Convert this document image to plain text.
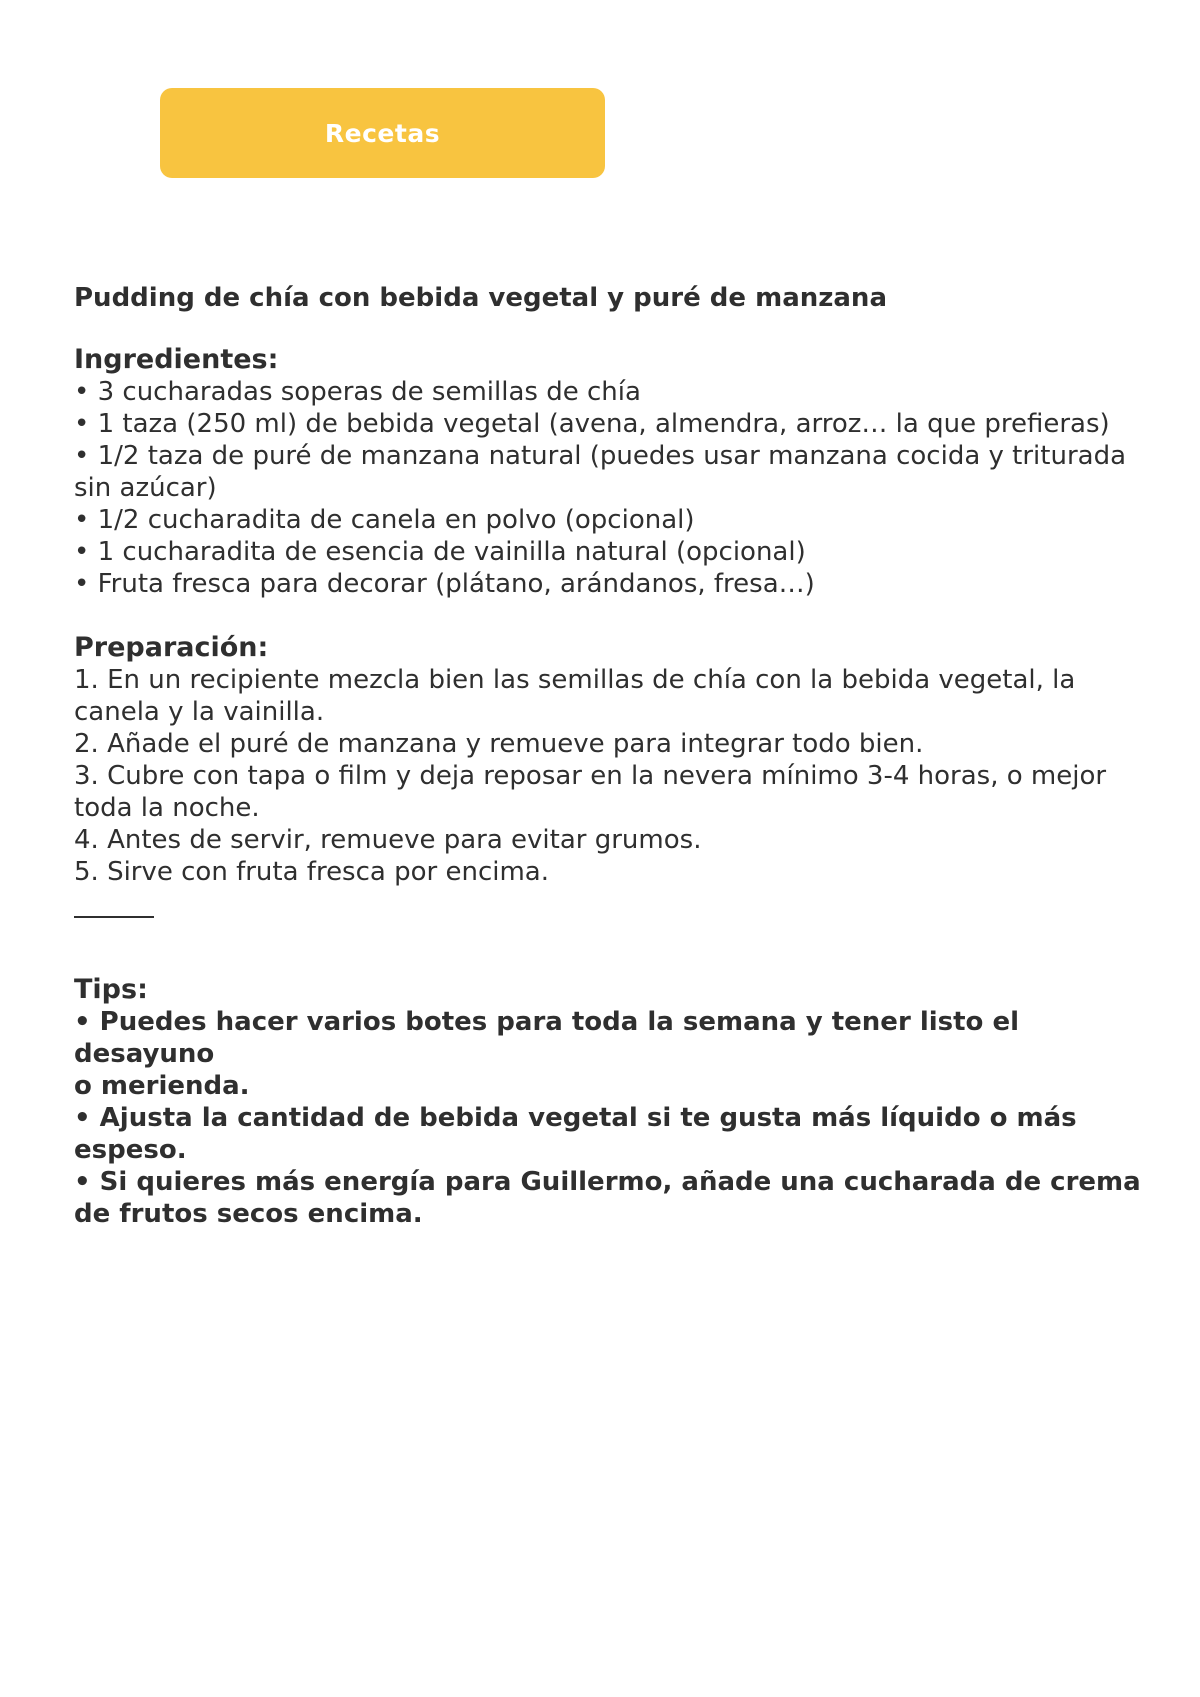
Recetas
Pudding de chía con bebida vegetal y puré de manzana

Ingredientes:

• 3 cucharadas soperas de semillas de chía

• 1 taza (250 ml) de bebida vegetal (avena, almendra, arroz… la que prefieras)

• 1/2 taza de puré de manzana natural (puedes usar manzana cocida y triturada

sin azúcar)

• 1/2 cucharadita de canela en polvo (opcional)

• 1 cucharadita de esencia de vainilla natural (opcional)

• Fruta fresca para decorar (plátano, arándanos, fresa…)

Preparación:

1. En un recipiente mezcla bien las semillas de chía con la bebida vegetal, la

canela y la vainilla.

2. Añade el puré de manzana y remueve para integrar todo bien.

3. Cubre con tapa o film y deja reposar en la nevera mínimo 3-4 horas, o mejor

toda la noche.

4. Antes de servir, remueve para evitar grumos.

5. Sirve con fruta fresca por encima.

Tips:

• Puedes hacer varios botes para toda la semana y tener listo el desayuno

o merienda.

• Ajusta la cantidad de bebida vegetal si te gusta más líquido o más

espeso.

• Si quieres más energía para Guillermo, añade una cucharada de crema

de frutos secos encima.
